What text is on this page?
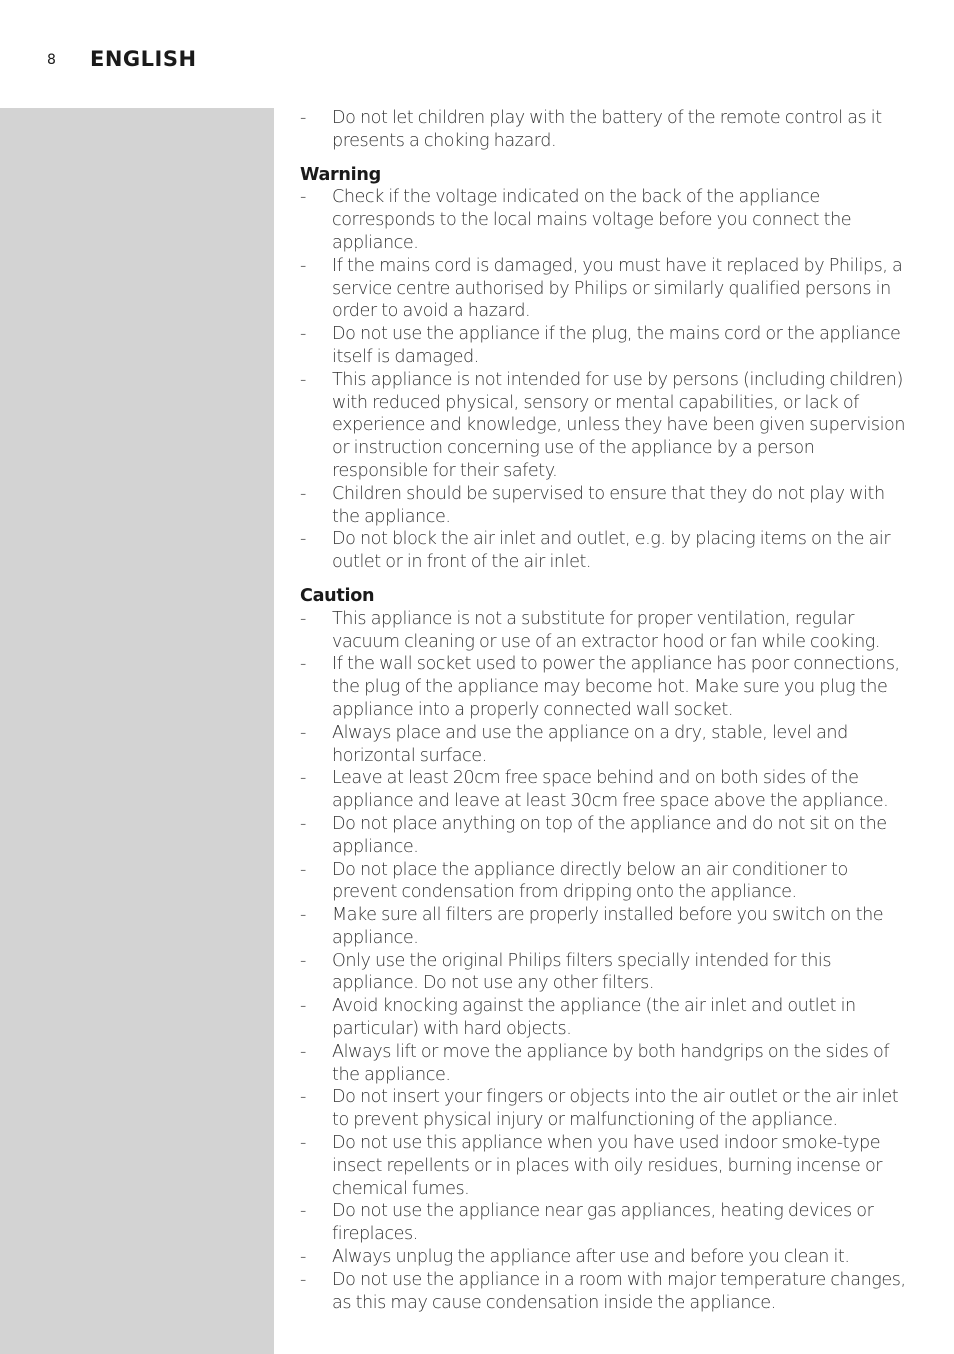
8 ENGLISH
- Do not let children play with the battery of the remote control as it presents a choking hazard.
Warning
- Check if the voltage indicated on the back of the appliance corresponds to the local mains voltage before you connect the appliance.
- If the mains cord is damaged, you must have it replaced by Philips, a service centre authorised by Philips or similarly qualified persons in order to avoid a hazard.
- Do not use the appliance if the plug, the mains cord or the appliance itself is damaged.
- This appliance is not intended for use by persons (including children) with reduced physical, sensory or mental capabilities, or lack of experience and knowledge, unless they have been given supervision or instruction concerning use of the appliance by a person responsible for their safety.
- Children should be supervised to ensure that they do not play with the appliance.
- Do not block the air inlet and outlet, e.g. by placing items on the air outlet or in front of the air inlet.
Caution
- This appliance is not a substitute for proper ventilation, regular vacuum cleaning or use of an extractor hood or fan while cooking.
- If the wall socket used to power the appliance has poor connections, the plug of the appliance may become hot. Make sure you plug the appliance into a properly connected wall socket.
- Always place and use the appliance on a dry, stable, level and horizontal surface.
- Leave at least 20cm free space behind and on both sides of the appliance and leave at least 30cm free space above the appliance.
- Do not place anything on top of the appliance and do not sit on the appliance.
- Do not place the appliance directly below an air conditioner to prevent condensation from dripping onto the appliance.
- Make sure all filters are properly installed before you switch on the appliance.
- Only use the original Philips filters specially intended for this appliance. Do not use any other filters.
- Avoid knocking against the appliance (the air inlet and outlet in particular) with hard objects.
- Always lift or move the appliance by both handgrips on the sides of the appliance.
- Do not insert your fingers or objects into the air outlet or the air inlet to prevent physical injury or malfunctioning of the appliance.
- Do not use this appliance when you have used indoor smoke-type insect repellents or in places with oily residues, burning incense or chemical fumes.
- Do not use the appliance near gas appliances, heating devices or fireplaces.
- Always unplug the appliance after use and before you clean it.
- Do not use the appliance in a room with major temperature changes, as this may cause condensation inside the appliance.
